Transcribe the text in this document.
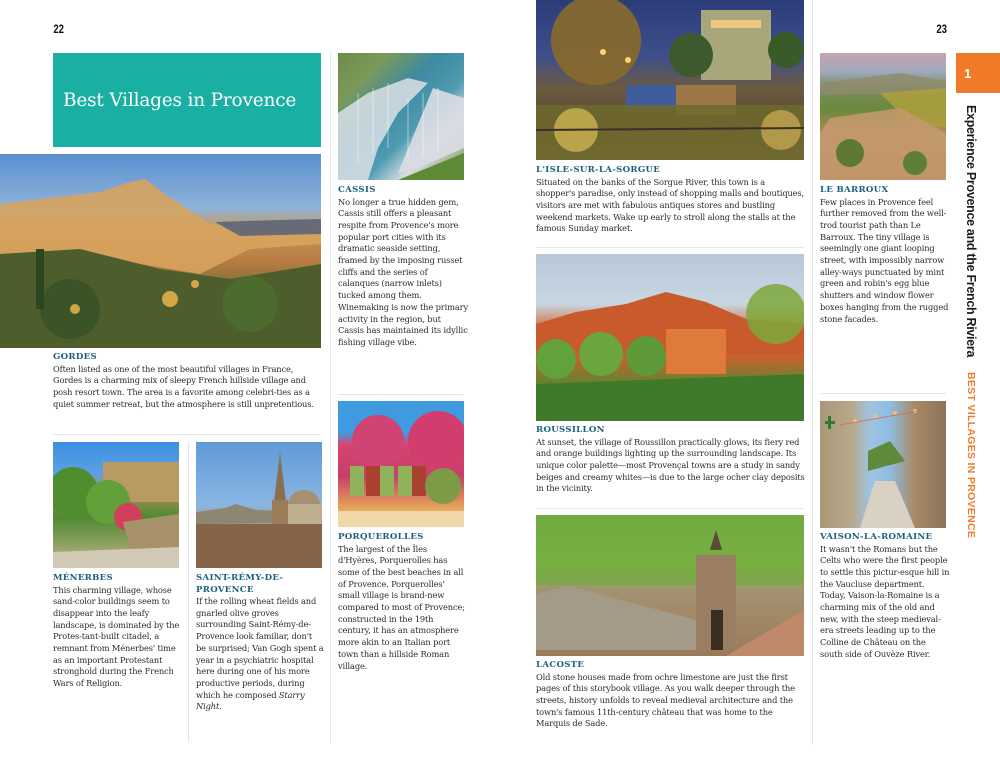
22	23
Best Villages in Provence
GORDES

Often listed as one of the most beautiful villages in France, Gordes is a charming mix of sleepy French hillside village and posh resort town. The area is a favorite among celebri-ties as a quiet summer retreat, but the atmosphere is still unpretentious.

MÉNERBES

This charming village, whose sand-color buildings seem to disappear into the leafy landscape, is dominated by the Protes-tant-built citadel, a remnant from Ménerbes' time as an important Protestant stronghold during the French Wars of Religion.

SAINT-RÉMY-DE-PROVENCE

If the rolling wheat fields and gnarled olive groves surrounding Saint-Rémy-de-Provence look familiar, don't be surprised; Van Gogh spent a year in a psychiatric hospital here during one of his more productive periods, during which he composed Starry Night.

CASSIS

No longer a true hidden gem, Cassis still offers a pleasant respite from Provence's more popular port cities with its dramatic seaside setting, framed by the imposing russet cliffs and the series of calanques (narrow inlets) tucked among them. Winemaking is now the primary activity in the region, but Cassis has maintained its idyllic fishing village vibe.

PORQUEROLLES

The largest of the Îles d'Hyères, Porquerolles has some of the best beaches in all of Provence. Porquerolles' small village is brand-new compared to most of Provence; constructed in the 19th century, it has an atmosphere more akin to an Italian port town than a hillside Roman village.

L'ISLE-SUR-LA-SORGUE

Situated on the banks of the Sorgue River, this town is a shopper's paradise, only instead of shopping malls and boutiques, visitors are met with fabulous antiques stores and bustling weekend markets. Wake up early to stroll along the stalls at the famous Sunday market.

ROUSSILLON

At sunset, the village of Roussillon practically glows, its fiery red and orange buildings lighting up the surrounding landscape. Its unique color palette—most Provençal towns are a study in sandy beiges and creamy whites—is due to the large ocher clay deposits in the vicinity.

LACOSTE

Old stone houses made from ochre limestone are just the first pages of this storybook village. As you walk deeper through the streets, history unfolds to reveal medieval architecture and the town's famous 11th-century château that was home to the Marquis de Sade.

LE BARROUX

Few places in Provence feel further removed from the well-trod tourist path than Le Barroux. The tiny village is seemingly one giant looping street, with impossibly narrow alley-ways punctuated by mint green and robin's egg blue shutters and window flower boxes hanging from the rugged stone facades.

VAISON-LA-ROMAINE

It wasn't the Romans but the Celts who were the first people to settle this pictur-esque hill in the Vaucluse department. Today, Vaison-la-Romaine is a charming mix of the old and new, with the steep medieval-era streets leading up to the Colline de Château on the south side of Ouvèze River.

1
Experience Provence and the French Riviera BEST VILLAGES IN PROVENCE
